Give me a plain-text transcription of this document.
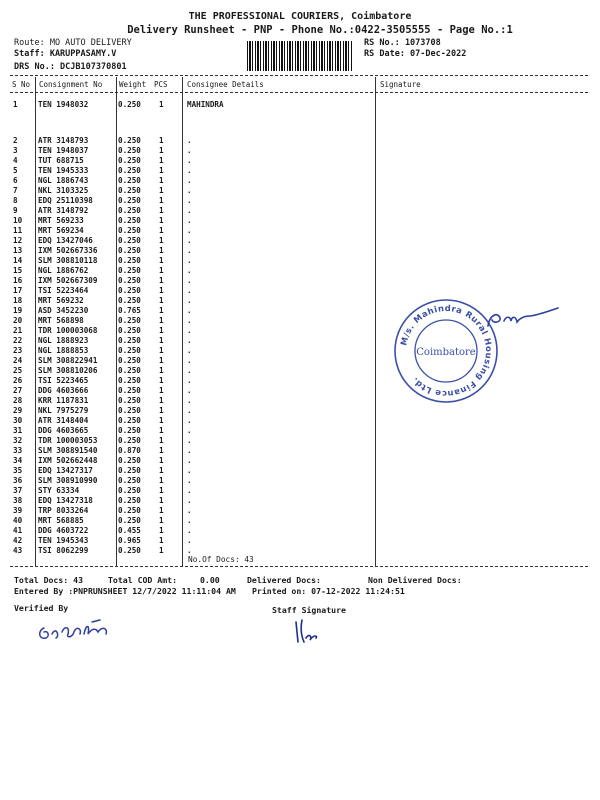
THE PROFESSIONAL COURIERS, Coimbatore
Delivery Runsheet - PNP - Phone No.:0422-3505555 - Page No.:1
Route: MO AUTO DELIVERY
Staff: KARUPPASAMY.V
DRS No.: DCJB107370801
RS No.: 1073708
RS Date: 07-Dec-2022
S No Consignment No Weight PCS	Consignee Details	Signature
1	TEN 1948032	0.250 1	MAHINDRA
2	ATR 3148793	0.250 1	.
3	TEN 1948037	0.250 1	.
4	TUT 688715	0.250 1	.
5	TEN 1945333	0.250 1	.
6	NGL 1886743	0.250 1	.
7	NKL 3103325	0.250 1	.
8	EDQ 25110398	0.250 1	.
9	ATR 3148792	0.250 1	.
10 MRT 569233	0.250 1	.
11 MRT 569234	0.250 1	.
12 EDQ 13427046	0.250 1	.
13 IXM 502667336	0.250 1	.
14 SLM 308810118	0.250 1	.
15 NGL 1886762	0.250 1	.
16 IXM 502667309	0.250 1	.
17 TSI 5223464	0.250 1	.
18 MRT 569232	0.250 1	.
19 ASD 3452230	0.765 1	.
20 MRT 568898	0.250 1	.
21 TDR 100003068	0.250 1	.
22 NGL 1888923	0.250 1	.
23 NGL 1888853	0.250 1	.
24 SLM 308822941	0.250 1	.
25 SLM 308810206	0.250 1	.
26 TSI 5223465	0.250 1	.
27 DDG 4603666	0.250 1	.
28 KRR 1187831	0.250 1	.
29 NKL 7975279	0.250 1	.
30 ATR 3148404	0.250 1	.
31 DDG 4603665	0.250 1	.
32 TDR 100003053	0.250 1	.
33 SLM 308891540	0.870 1	.
34 IXM 502662448	0.250 1	.
35 EDQ 13427317	0.250 1	.
36 SLM 308910990	0.250 1	.
37 STY 63334	0.250 1	.
38 EDQ 13427318	0.250 1	.
39 TRP 8033264	0.250 1	.
40 MRT 568885	0.250 1	.
41 DDG 4603722	0.455 1	.
42 TEN 1945343	0.965 1	.
43 TSI 8062299	0.250 1	.
No.Of Docs: 43
M/s. Mahindra Rural Housing Finance Ltd.
Coimbatore
Total Docs: 43	Total COD Amt:	0.00	Delivered Docs:	Non Delivered Docs:
Entered By :PNPRUNSHEET 12/7/2022 11:11:04 AM Printed on: 07-12-2022 11:24:51
Verified By	Staff Signature
